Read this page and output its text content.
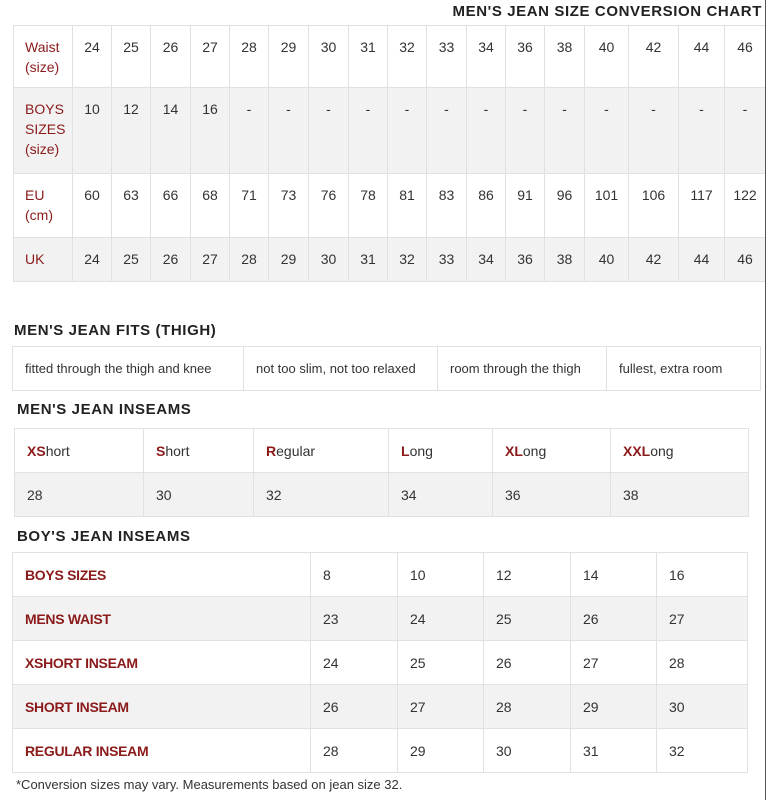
MEN'S JEAN SIZE CONVERSION CHART
Waist
(size)	24	25	26	27	28	29	30	31	32	33	34	36	38	40	42	44	46
BOYS
SIZES
(size)	10	12	14	16	-	-	-	-	-	-	-	-	-	-	-	-	-
EU
(cm)	60	63	66	68	71	73	76	78	81	83	86	91	96	101	106	117	122
UK	24	25	26	27	28	29	30	31	32	33	34	36	38	40	42	44	46
MEN'S JEAN FITS (THIGH)
fitted through the thigh and knee	not too slim, not too relaxed	room through the thigh	fullest, extra room
MEN'S JEAN INSEAMS
XShort	Short	Regular	Long	XLong	XXLong
28	30	32	34	36	38
BOY'S JEAN INSEAMS
BOYS SIZES	8	10	12	14	16
MENS WAIST	23	24	25	26	27
XSHORT INSEAM	24	25	26	27	28
SHORT INSEAM	26	27	28	29	30
REGULAR INSEAM	28	29	30	31	32
*Conversion sizes may vary. Measurements based on jean size 32.
